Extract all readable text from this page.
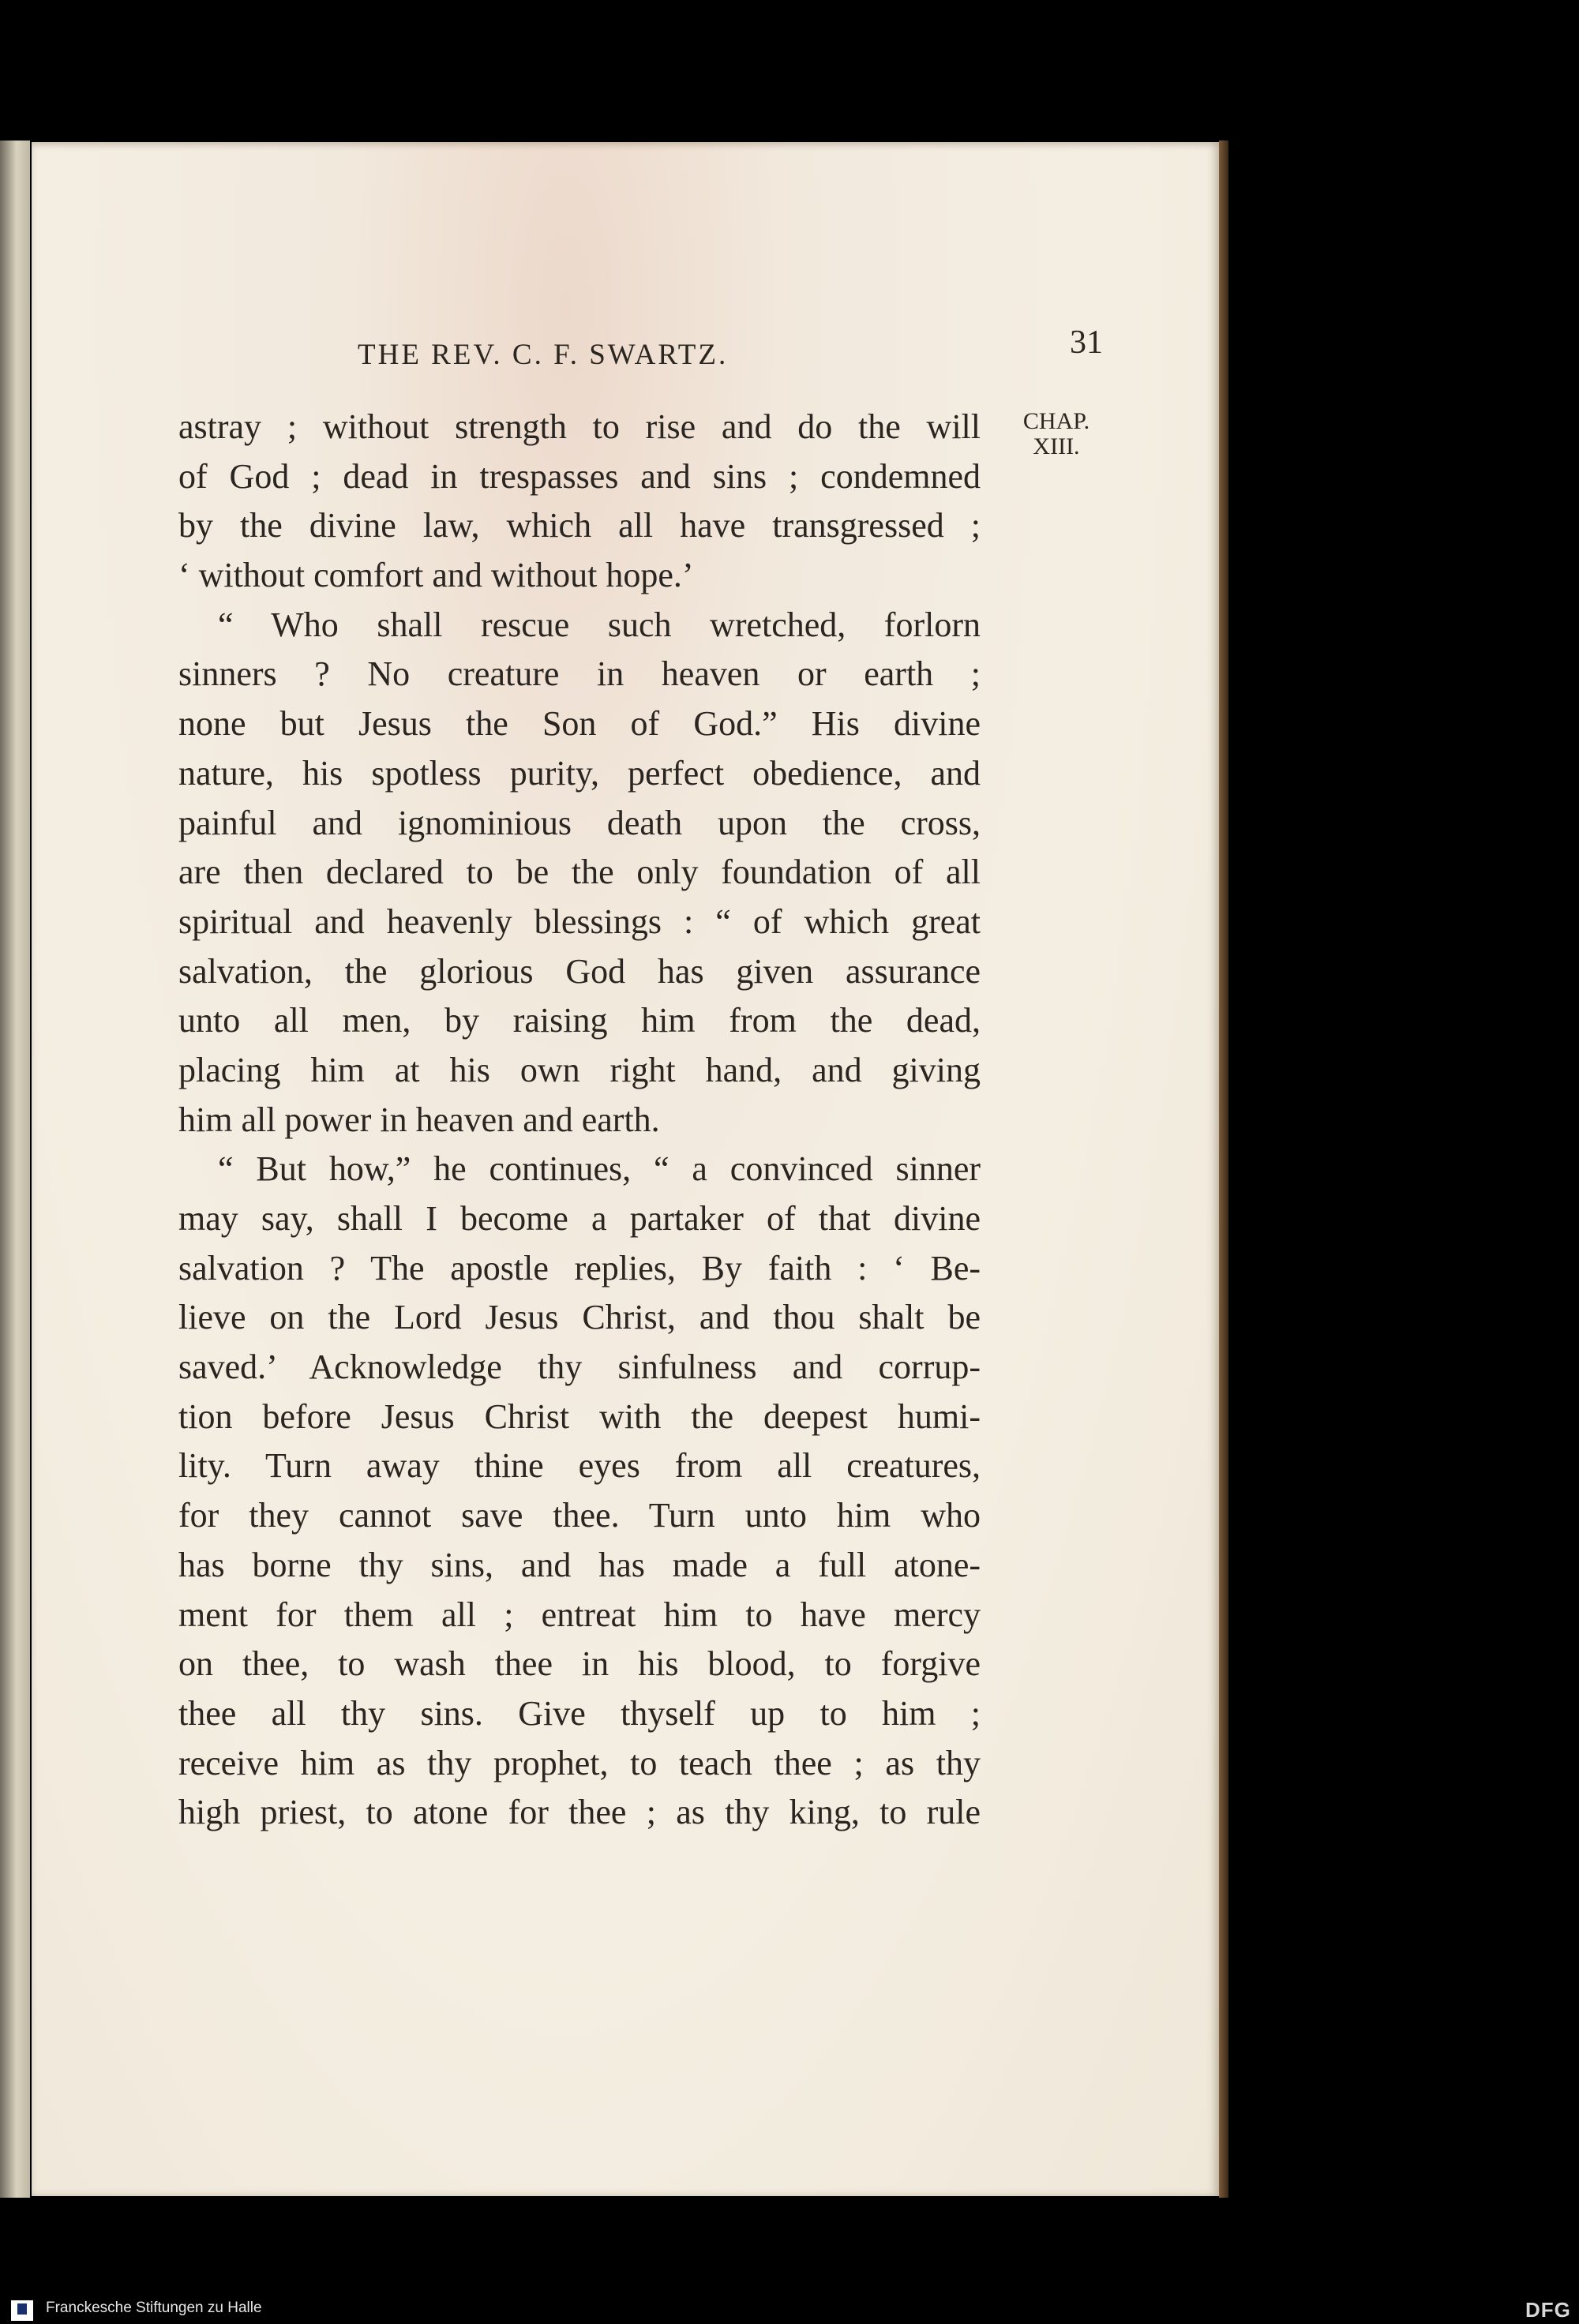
THE REV. C. F. SWARTZ.	31
CHAP.
XIII.
astray ; without strength to rise and do the will
of God ; dead in trespasses and sins ; condemned
by the divine law, which all have transgressed ;
‘ without comfort and without hope.’
“ Who shall rescue such wretched, forlorn
sinners ? No creature in heaven or earth ;
none but Jesus the Son of God.” His divine
nature, his spotless purity, perfect obedience, and
painful and ignominious death upon the cross,
are then declared to be the only foundation of all
spiritual and heavenly blessings : “ of which great
salvation, the glorious God has given assurance
unto all men, by raising him from the dead,
placing him at his own right hand, and giving
him all power in heaven and earth.
“ But how,” he continues, “ a convinced sinner
may say, shall I become a partaker of that divine
salvation ? The apostle replies, By faith : ‘ Be-
lieve on the Lord Jesus Christ, and thou shalt be
saved.’ Acknowledge thy sinfulness and corrup-
tion before Jesus Christ with the deepest humi-
lity. Turn away thine eyes from all creatures,
for they cannot save thee. Turn unto him who
has borne thy sins, and has made a full atone-
ment for them all ; entreat him to have mercy
on thee, to wash thee in his blood, to forgive
thee all thy sins. Give thyself up to him ;
receive him as thy prophet, to teach thee ; as thy
high priest, to atone for thee ; as thy king, to rule
Franckesche Stiftungen zu Halle	DFG
